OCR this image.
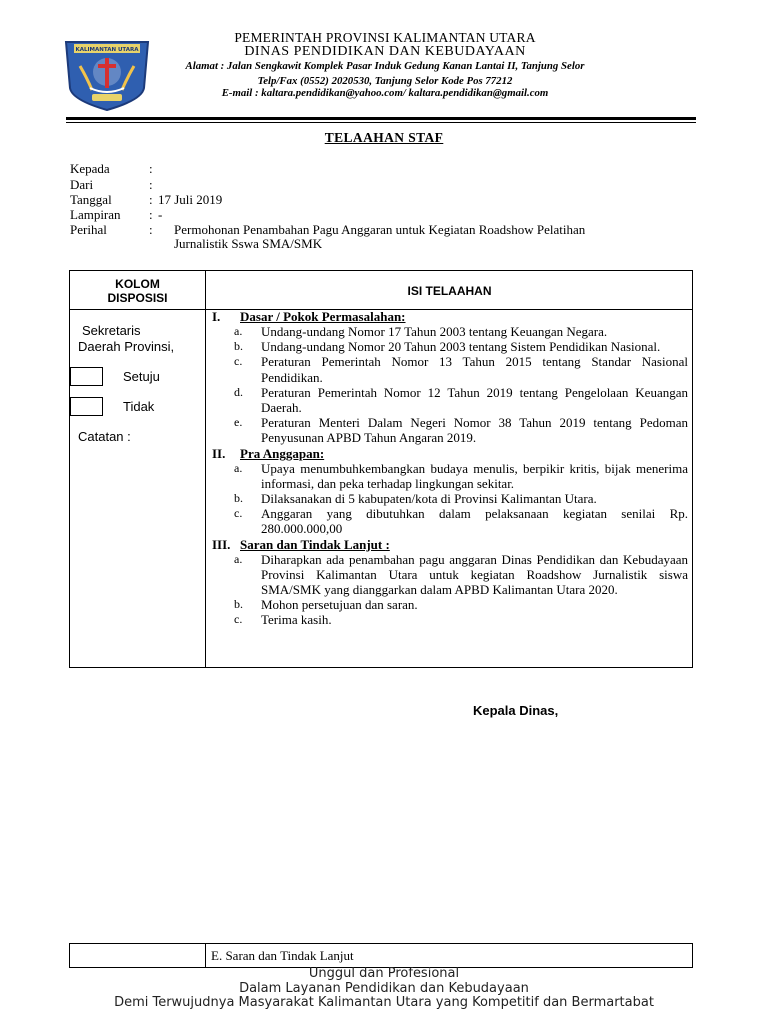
KALIMANTAN UTARA
PEMERINTAH PROVINSI KALIMANTAN UTARA
DINAS PENDIDIKAN DAN KEBUDAYAAN
Alamat : Jalan Sengkawit Komplek Pasar Induk Gedung Kanan Lantai II, Tanjung Selor
Telp/Fax (0552) 2020530, Tanjung Selor Kode Pos 77212
E-mail : kaltara.pendidikan@yahoo.com/ kaltara.pendidikan@gmail.com
TELAAHAN STAF
Kepada	:
Dari	:
Tanggal	: 17 Juli 2019
Lampiran : -
Perihal	: Permohonan Penambahan Pagu Anggaran untuk Kegiatan Roadshow Pelatihan
Jurnalistik Sswa SMA/SMK
KOLOM
DISPOSISI	ISI TELAAHAN
Sekretaris
Daerah Provinsi,
Setuju
Tidak
Catatan :
I.	Dasar / Pokok Permasalahan:
a.	Undang-undang Nomor 17 Tahun 2003 tentang Keuangan Negara.
b.	Undang-undang Nomor 20 Tahun 2003 tentang Sistem Pendidikan Nasional.
c.	Peraturan Pemerintah Nomor 13 Tahun 2015 tentang Standar Nasional Pendidikan.
d.	Peraturan Pemerintah Nomor 12 Tahun 2019 tentang Pengelolaan Keuangan Daerah.
e.	Peraturan Menteri Dalam Negeri Nomor 38 Tahun 2019 tentang Pedoman Penyusunan APBD Tahun Angaran 2019.
II.	Pra Anggapan:
a.	Upaya menumbuhkembangkan budaya menulis, berpikir kritis, bijak menerima informasi, dan peka terhadap lingkungan sekitar.
b.	Dilaksanakan di 5 kabupaten/kota di Provinsi Kalimantan Utara.
c.	Anggaran yang dibutuhkan dalam pelaksanaan kegiatan senilai Rp. 280.000.000,00
III. Saran dan Tindak Lanjut :
a.	Diharapkan ada penambahan pagu anggaran Dinas Pendidikan dan Kebudayaan Provinsi Kalimantan Utara untuk kegiatan Roadshow Jurnalistik siswa SMA/SMK yang dianggarkan dalam APBD Kalimantan Utara 2020.
b.	Mohon persetujuan dan saran.
c.	Terima kasih.
Kepala Dinas,
E. Saran dan Tindak Lanjut
Unggul dan Profesional
Dalam Layanan Pendidikan dan Kebudayaan
Demi Terwujudnya Masyarakat Kalimantan Utara yang Kompetitif dan Bermartabat
